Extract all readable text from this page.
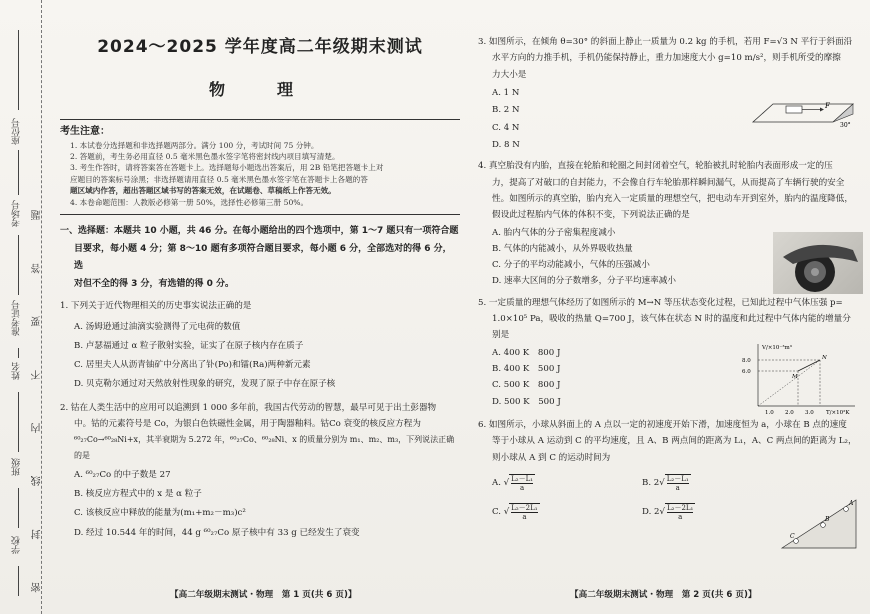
座位号
考场号
准考证号
姓名
班级
学校 密 封 线 内 不 要 答 题
2024～2025 学年度高二年级期末测试
物　理
考生注意：
1. 本试卷分选择题和非选择题两部分。满分 100 分，考试时间 75 分钟。
2. 答题前，考生务必用直径 0.5 毫米黑色墨水签字笔将密封线内项目填写清楚。
3. 考生作答时，请将答案答在答题卡上。选择题每小题选出答案后，用 2B 铅笔把答题卡上对
应题目的答案标号涂黑；非选择题请用直径 0.5 毫米黑色墨水签字笔在答题卡上各题的答
题区域内作答，超出答题区域书写的答案无效，在试题卷、草稿纸上作答无效。
4. 本卷命题范围：人教版必修第一册 50%，选择性必修第三册 50%。
一、选择题：本题共 10 小题，共 46 分。在每小题给出的四个选项中，第 1～7 题只有一项符合题
目要求，每小题 4 分；第 8～10 题有多项符合题目要求，每小题 6 分，全部选对的得 6 分，选
对但不全的得 3 分，有选错的得 0 分。
1. 下列关于近代物理相关的历史事实说法正确的是
A. 汤姆逊通过油滴实验测得了元电荷的数值
B. 卢瑟福通过 α 粒子散射实验，证实了在原子核内存在质子
C. 居里夫人从沥青铀矿中分离出了钋(Po)和镭(Ra)两种新元素
D. 贝克勒尔通过对天然放射性现象的研究，发现了原子中存在原子核
2. 钴在人类生活中的应用可以追溯到 1 000 多年前，我国古代劳动的智慧，最早可见于出土彭器物
中。钴的元素符号是 Co，为银白色铁磁性金属，用于陶器釉料。钴Co 衰变的核反应方程为
⁶⁰₂₇Co→⁶⁰₂₈Ni+x，其半衰期为 5.272 年，⁶⁰₂₇Co、⁶⁰₂₈Ni、x 的质量分别为 m₁、m₂、m₃，下列说法正确的是
A. ⁶⁰₂₇Co 的中子数是 27
B. 核反应方程式中的 x 是 α 粒子
C. 该核反应中释放的能量为(m₁+m₂－m₃)c²
D. 经过 10.544 年的时间，44 g ⁶⁰₂₇Co 原子核中有 33 g 已经发生了衰变
【高二年级期末测试・物理　第 1 页(共 6 页)】
3. 如图所示，在倾角 θ=30° 的斜面上静止一质量为 0.2 kg 的手机，若用 F=√3 N 平行于斜面沿
水平方向的力推手机，手机仍能保持静止，重力加速度大小 g=10 m/s²，则手机所受的摩擦
力大小是
A. 1 N
B. 2 N
C. 4 N
D. 8 N
F
30°
4. 真空胎没有内胎，直接在轮胎和轮圈之间封闭着空气，轮胎被扎时轮胎内表面形成一定的压
力，提高了对破口的自封能力，不会像自行车轮胎那样瞬间漏气，从而提高了车辆行驶的安全
性。如图所示的真空胎，胎内充入一定质量的理想空气，把电动车开到室外，胎内的温度降低，
假设此过程胎内气体的体积不变，下列说法正确的是
A. 胎内气体的分子密集程度减小
B. 气体的内能减小，从外界吸收热量
C. 分子的平均动能减小，气体的压强减小
D. 速率大区间的分子数增多，分子平均速率减小
5. 一定质量的理想气体经历了如图所示的 M→N 等压状态变化过程，已知此过程中气体压强 p=
1.0×10⁵ Pa，吸收的热量 Q=700 J，该气体在状态 N 时的温度和此过程中气体内能的增量分
别是
A. 400 K　800 J
B. 400 K　500 J
C. 500 K　800 J
D. 500 K　500 J
V/×10⁻³m³
T/×10²K
8.0
6.0
1.0 2.0 3.0
M
N
6. 如图所示，小球从斜面上的 A 点以一定的初速度开始下滑，加速度恒为 a，小球在 B 点的速度
等于小球从 A 运动到 C 的平均速度，且 A、B 两点间的距离为 L₁，A、C 两点间的距离为 L₂，
则小球从 A 到 C 的运动时间为
A. √ $\frac{\text{L₂－L₁}}{a}$	B. $2√ \frac{\text{L₂－L₁}}{a}$
C. √ $\frac{\text{L₂－2L₁}}{a}$	D. $2√ \frac{\text{L₂－2L₁}}{a}$	A
B
C
【高二年级期末测试・物理　第 2 页(共 6 页)】
